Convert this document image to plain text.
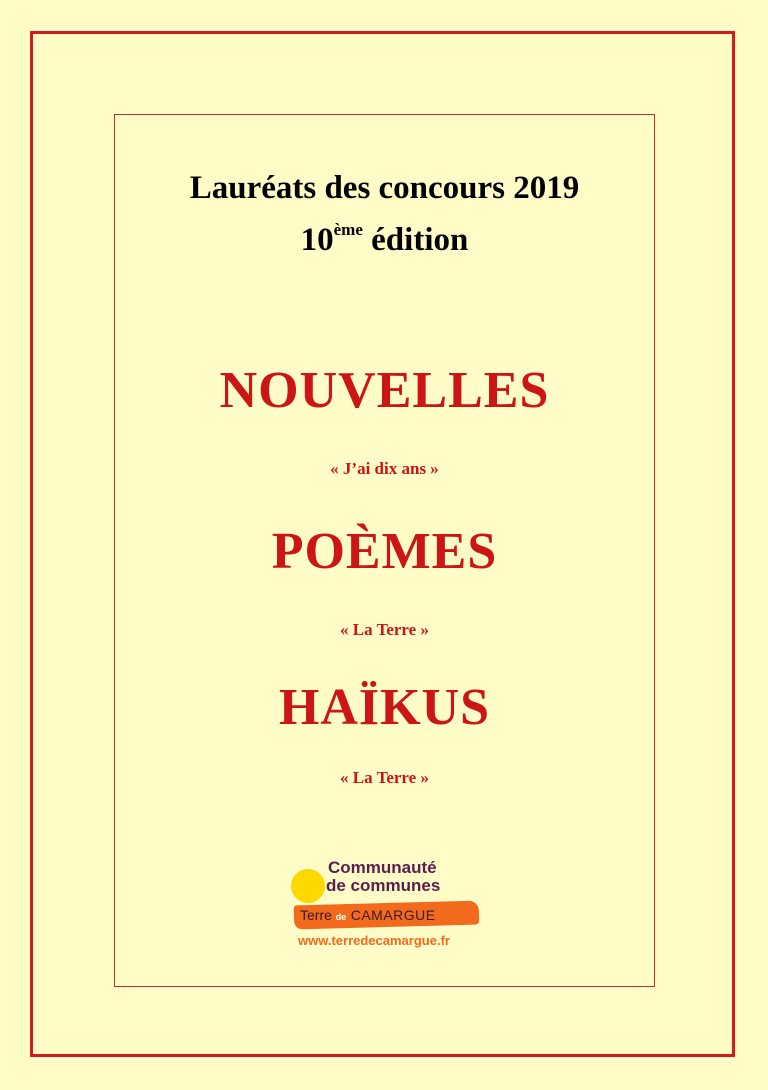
Lauréats des concours 2019
10ème édition
NOUVELLES
« J’ai dix ans »
POÈMES
« La Terre »
HAÏKUS
« La Terre »
Communauté
de communes
Terre de CAMARGUE
www.terredecamargue.fr
